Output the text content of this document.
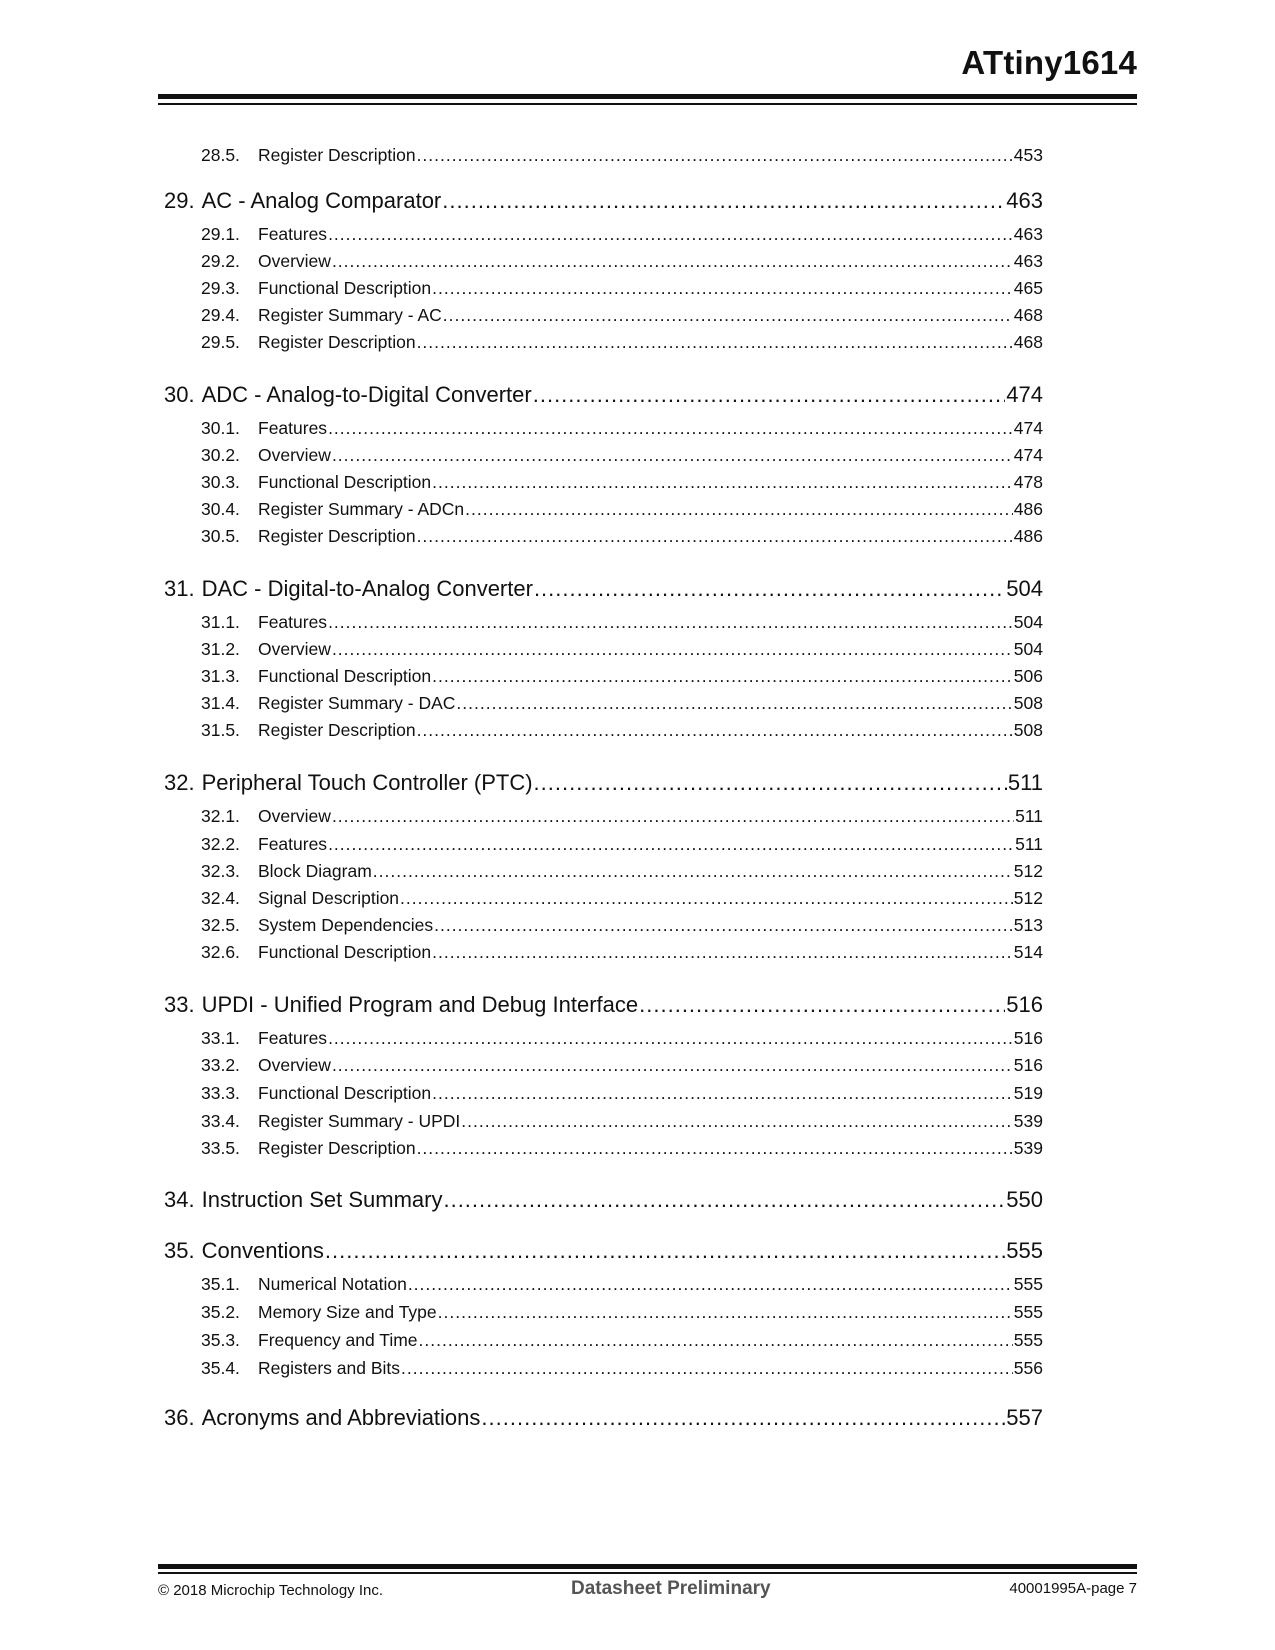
ATtiny1614
28.5. Register Description .....	453
29. AC - Analog Comparator .....	463
29.1. Features .....	463
29.2. Overview .....	463
29.3. Functional Description .....	465
29.4. Register Summary - AC .....	468
29.5. Register Description .....	468
30. ADC - Analog-to-Digital Converter .....	474
30.1. Features .....	474
30.2. Overview .....	474
30.3. Functional Description .....	478
30.4. Register Summary - ADCn .....	486
30.5. Register Description .....	486
31. DAC - Digital-to-Analog Converter .....	504
31.1. Features .....	504
31.2. Overview .....	504
31.3. Functional Description .....	506
31.4. Register Summary - DAC .....	508
31.5. Register Description .....	508
32. Peripheral Touch Controller (PTC) .....	511
32.1. Overview .....	511
32.2. Features .....	511
32.3. Block Diagram .....	512
32.4. Signal Description .....	512
32.5. System Dependencies .....	513
32.6. Functional Description .....	514
33. UPDI - Unified Program and Debug Interface .....	516
33.1. Features .....	516
33.2. Overview .....	516
33.3. Functional Description .....	519
33.4. Register Summary - UPDI .....	539
33.5. Register Description .....	539
34. Instruction Set Summary .....	550
35. Conventions .....	555
35.1. Numerical Notation .....	555
35.2. Memory Size and Type .....	555
35.3. Frequency and Time .....	555
35.4. Registers and Bits .....	556
36. Acronyms and Abbreviations .....	557
© 2018 Microchip Technology Inc.	Datasheet Preliminary	40001995A-page 7
